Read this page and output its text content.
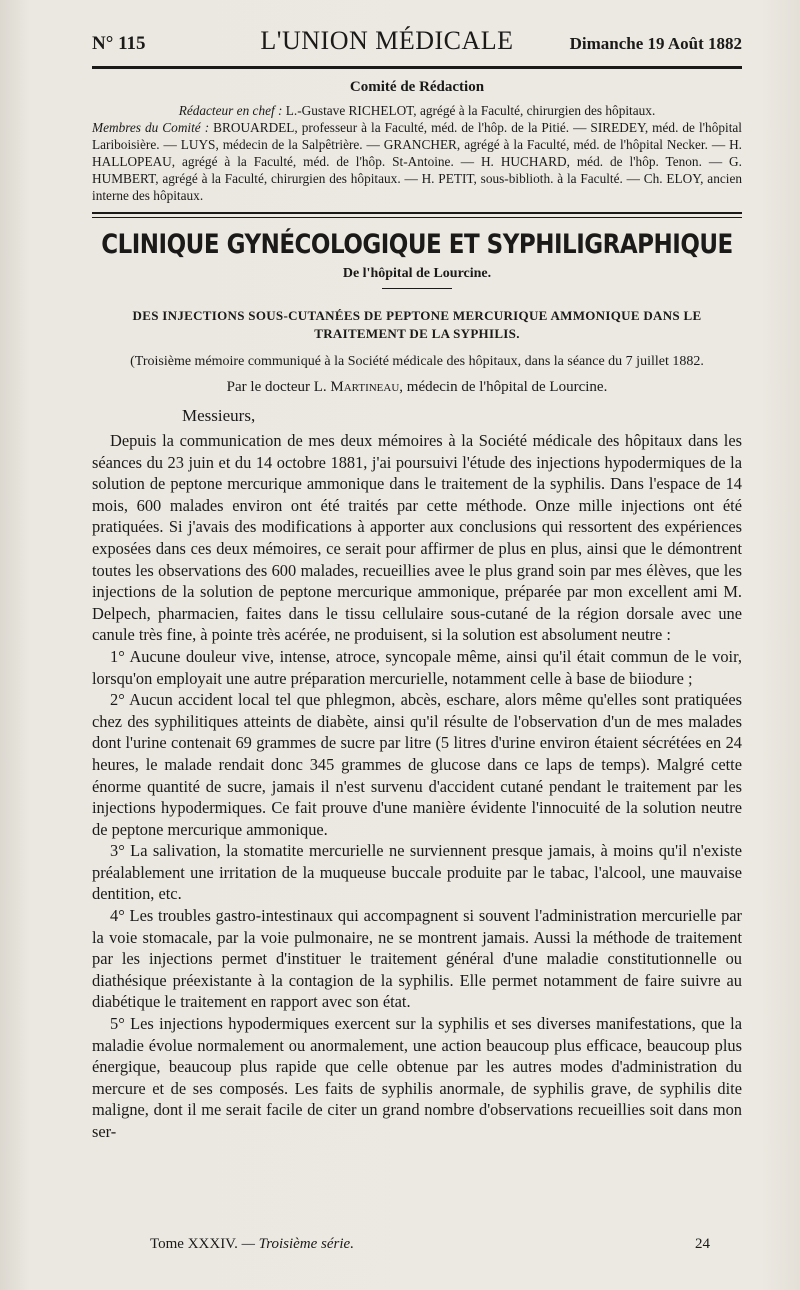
N° 115	L'UNION MÉDICALE	Dimanche 19 Août 1882
Comité de Rédaction
Rédacteur en chef : L.-Gustave RICHELOT, agrégé à la Faculté, chirurgien des hôpitaux.
Membres du Comité : BROUARDEL, professeur à la Faculté, méd. de l'hôp. de la Pitié. — SIREDEY, méd. de l'hôpital Lariboisière. — LUYS, médecin de la Salpêtrière. — GRANCHER, agrégé à la Faculté, méd. de l'hôpital Necker. — H. HALLOPEAU, agrégé à la Faculté, méd. de l'hôp. St-Antoine. — H. HUCHARD, méd. de l'hôp. Tenon. — G. HUMBERT, agrégé à la Faculté, chirurgien des hôpitaux. — H. PETIT, sous-biblioth. à la Faculté. — Ch. ELOY, ancien interne des hôpitaux.
CLINIQUE GYNÉCOLOGIQUE ET SYPHILIGRAPHIQUE
De l'hôpital de Lourcine.
DES INJECTIONS SOUS-CUTANÉES DE PEPTONE MERCURIQUE AMMONIQUE DANS LE TRAITEMENT DE LA SYPHILIS.
(Troisième mémoire communiqué à la Société médicale des hôpitaux, dans la séance du 7 juillet 1882.
Par le docteur L. Martineau, médecin de l'hôpital de Lourcine.
Messieurs,

Depuis la communication de mes deux mémoires à la Société médicale des hôpitaux dans les séances du 23 juin et du 14 octobre 1881, j'ai poursuivi l'étude des injections hypodermiques de la solution de peptone mercurique ammonique dans le traitement de la syphilis. Dans l'espace de 14 mois, 600 malades environ ont été traités par cette méthode. Onze mille injections ont été pratiquées. Si j'avais des modifications à apporter aux conclusions qui ressortent des expériences exposées dans ces deux mémoires, ce serait pour affirmer de plus en plus, ainsi que le démontrent toutes les observations des 600 malades, recueillies avee le plus grand soin par mes élèves, que les injections de la solution de peptone mercurique ammonique, préparée par mon excellent ami M. Delpech, pharmacien, faites dans le tissu cellulaire sous-cutané de la région dorsale avec une canule très fine, à pointe très acérée, ne produisent, si la solution est absolument neutre :

1° Aucune douleur vive, intense, atroce, syncopale même, ainsi qu'il était commun de le voir, lorsqu'on employait une autre préparation mercurielle, notamment celle à base de biiodure ;

2° Aucun accident local tel que phlegmon, abcès, eschare, alors même qu'elles sont pratiquées chez des syphilitiques atteints de diabète, ainsi qu'il résulte de l'observation d'un de mes malades dont l'urine contenait 69 grammes de sucre par litre (5 litres d'urine environ étaient sécrétées en 24 heures, le malade rendait donc 345 grammes de glucose dans ce laps de temps). Malgré cette énorme quantité de sucre, jamais il n'est survenu d'accident cutané pendant le traitement par les injections hypodermiques. Ce fait prouve d'une manière évidente l'innocuité de la solution neutre de peptone mercurique ammonique.

3° La salivation, la stomatite mercurielle ne surviennent presque jamais, à moins qu'il n'existe préalablement une irritation de la muqueuse buccale produite par le tabac, l'alcool, une mauvaise dentition, etc.

4° Les troubles gastro-intestinaux qui accompagnent si souvent l'administration mercurielle par la voie stomacale, par la voie pulmonaire, ne se montrent jamais. Aussi la méthode de traitement par les injections permet d'instituer le traitement général d'une maladie constitutionnelle ou diathésique préexistante à la contagion de la syphilis. Elle permet notamment de faire suivre au diabétique le traitement en rapport avec son état.

5° Les injections hypodermiques exercent sur la syphilis et ses diverses manifestations, que la maladie évolue normalement ou anormalement, une action beaucoup plus efficace, beaucoup plus énergique, beaucoup plus rapide que celle obtenue par les autres modes d'administration du mercure et de ses composés. Les faits de syphilis anormale, de syphilis grave, de syphilis dite maligne, dont il me serait facile de citer un grand nombre d'observations recueillies soit dans mon ser-

Tome XXXIV. — Troisième série.	24
